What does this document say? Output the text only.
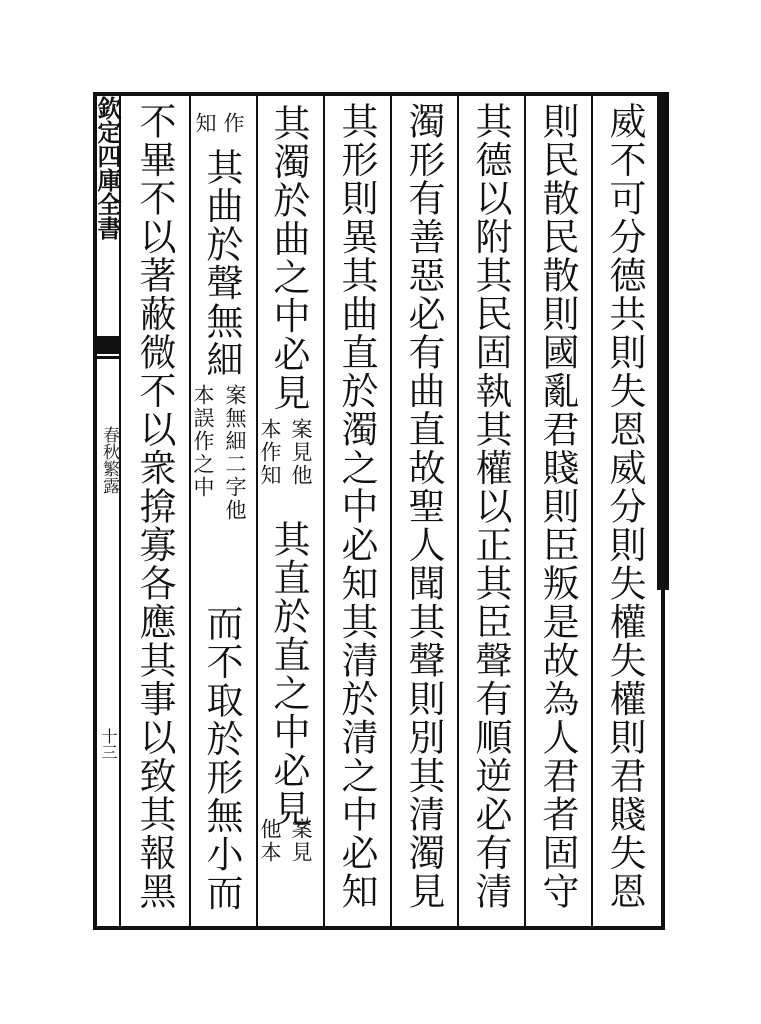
欽定四庫全書
春秋繁露
十三	威不可分德共則失恩威分則失權失權則君賤失恩
則民散民散則國亂君賤則臣叛是故為人君者固守
其德以附其民固執其權以正其臣聲有順逆必有清
濁形有善惡必有曲直故聖人聞其聲則別其清濁見
其形則異其曲直於濁之中必知其清於清之中必知
其濁於曲之中必見
案見他
本作知
其直於直之中必見
案見
他本
作
知
其曲於聲無細
案無細二字他
本誤作之中
而不取於形無小而
不畢不以著蔽微不以衆揜寡各應其事以致其報黑
